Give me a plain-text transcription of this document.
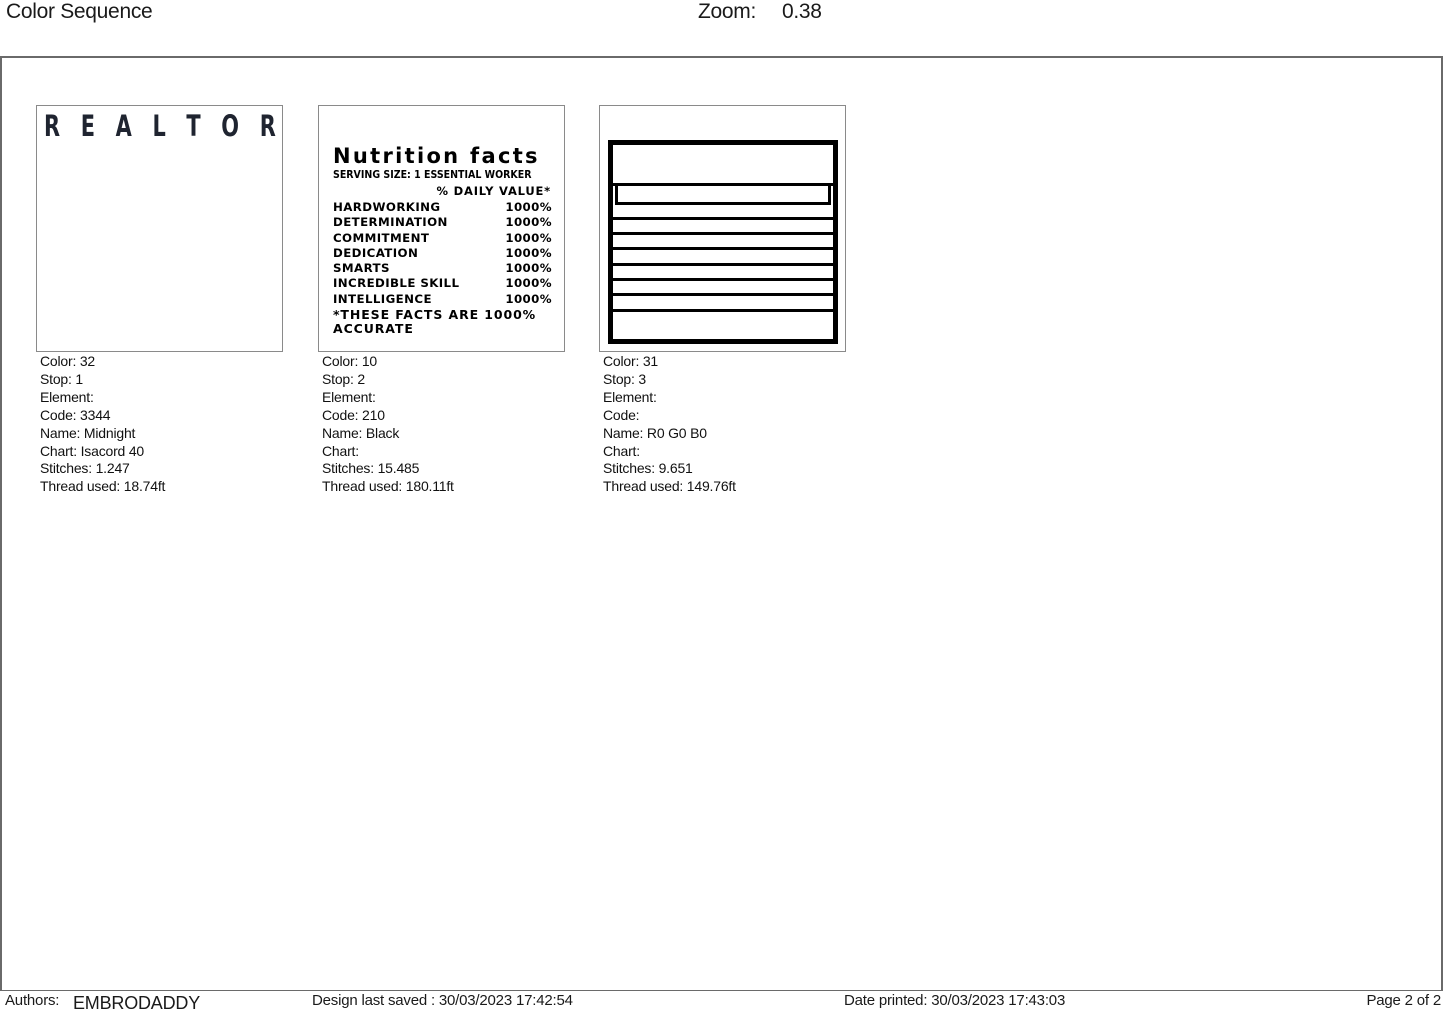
Color Sequence	Zoom: 0.38
R E A L T O R
Color: 32
Stop: 1
Element:
Code: 3344
Name: Midnight
Chart: Isacord 40
Stitches: 1.247
Thread used: 18.74ft
Nutrition facts
SERVING SIZE: 1 ESSENTIAL WORKER
% DAILY VALUE*
HARDWORKING	1000%
DETERMINATION	1000%
COMMITMENT	1000%
DEDICATION	1000%
SMARTS	1000%
INCREDIBLE SKILL	1000%
INTELLIGENCE	1000%
*THESE FACTS ARE 1000%
ACCURATE
Color: 10
Stop: 2
Element:
Code: 210
Name: Black
Chart:
Stitches: 15.485
Thread used: 180.11ft
Color: 31
Stop: 3
Element:
Code:
Name: R0 G0 B0
Chart:
Stitches: 9.651
Thread used: 149.76ft
Authors: EMBRODADDY	Design last saved : 30/03/2023 17:42:54	Date printed: 30/03/2023 17:43:03	Page 2 of 2
